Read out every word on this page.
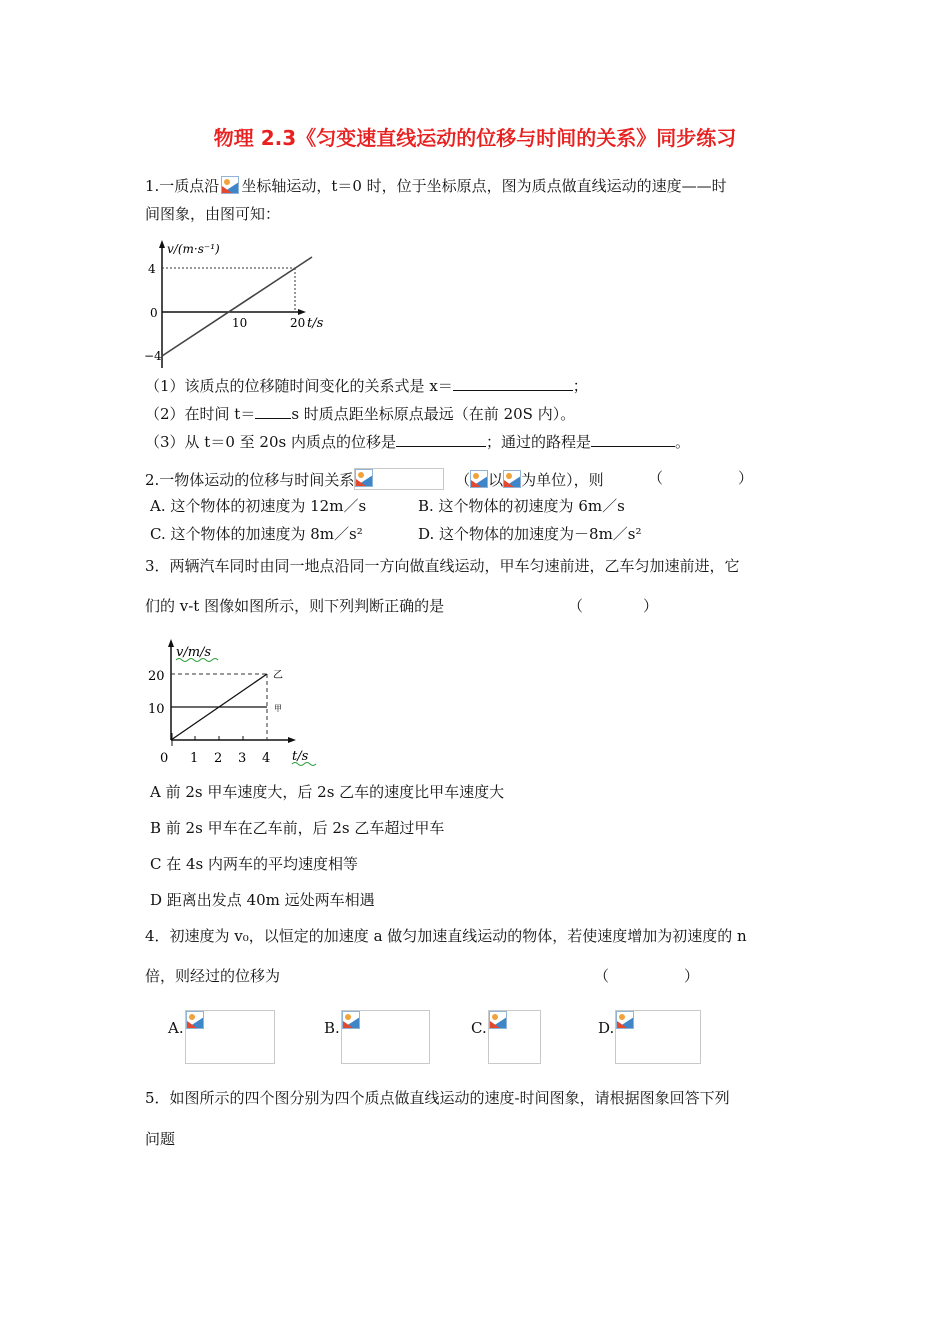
物理 2.3《匀变速直线运动的位移与时间的关系》同步练习
1.一质点沿 坐标轴运动，t＝0 时，位于坐标原点，图为质点做直线运动的速度——时
间图象，由图可知：
v/(m·s⁻¹)
4
0
−4
10	20 t/s
（1）该质点的位移随时间变化的关系式是 x＝	；
（2）在时间 t＝ s 时质点距坐标原点最远（在前 20S 内）。
（3）从 t＝0 至 20s 内质点的位移是	；通过的路程是	。
2.一物体运动的位移与时间关系	（ 以 为单位），则	（　　　　　）
A. 这个物体的初速度为 12m／s	B. 这个物体的初速度为 6m／s
C. 这个物体的加速度为 8m／s²	D. 这个物体的加速度为－8m／s²
3．两辆汽车同时由同一地点沿同一方向做直线运动，甲车匀速前进，乙车匀加速前进，它
们的 v-t 图像如图所示，则下列判断正确的是	（　　　　）
v/m/s
20
10
0 1 2 3 4 t/s
乙
甲
A 前 2s 甲车速度大，后 2s 乙车的速度比甲车速度大
B 前 2s 甲车在乙车前，后 2s 乙车超过甲车
C 在 4s 内两车的平均速度相等
D 距离出发点 40m 远处两车相遇
4．初速度为 v₀，以恒定的加速度 a 做匀加速直线运动的物体，若使速度增加为初速度的 n
倍，则经过的位移为	（　　　　　）
A.	B.	C.	D.
5．如图所示的四个图分别为四个质点做直线运动的速度-时间图象，请根据图象回答下列
问题
